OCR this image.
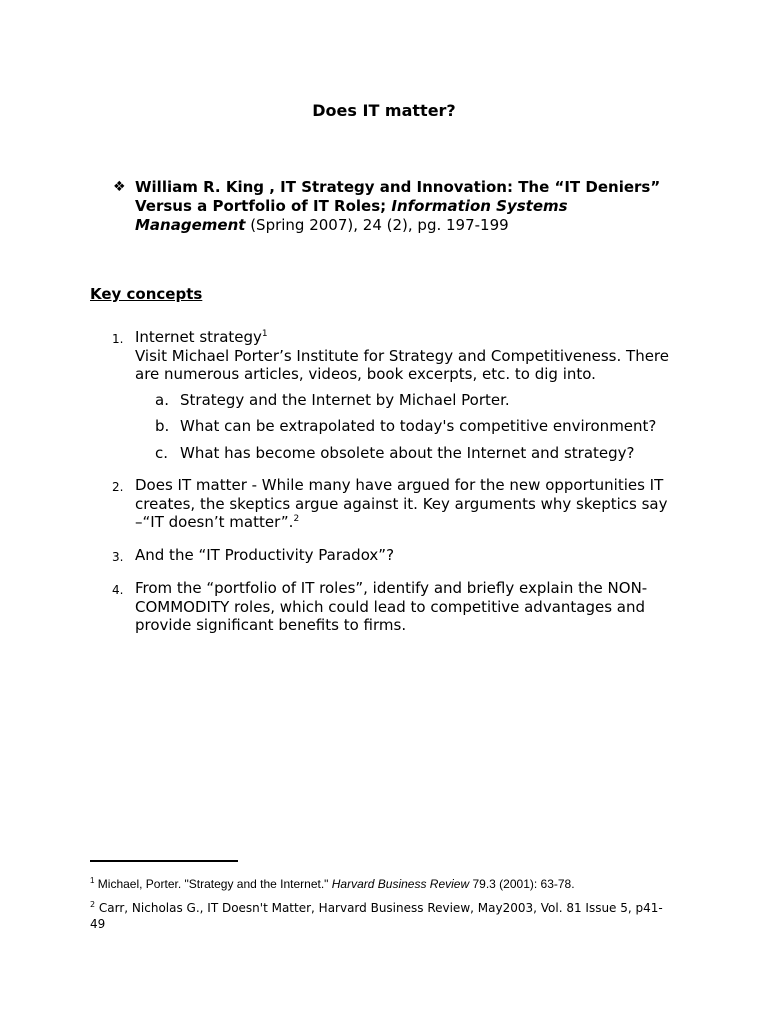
Does IT matter?
❖ William R. King , IT Strategy and Innovation: The “IT Deniers” Versus a Portfolio of IT Roles; Information Systems Management (Spring 2007), 24 (2), pg. 197-199
Key concepts
1. Internet strategy$^1$
Visit Michael Porter’s Institute for Strategy and Competitiveness. There are numerous articles, videos, book excerpts, etc. to dig into.
a. Strategy and the Internet by Michael Porter.
b. What can be extrapolated to today's competitive environment?
c. What has become obsolete about the Internet and strategy?
2. Does IT matter - While many have argued for the new opportunities IT creates, the skeptics argue against it. Key arguments why skeptics say –“IT doesn’t matter”.$^2$
3. And the “IT Productivity Paradox”?
4. From the “portfolio of IT roles”, identify and briefly explain the NON-COMMODITY roles, which could lead to competitive advantages and provide significant benefits to firms.
$^1$ Michael, Porter. "Strategy and the Internet." Harvard Business Review 79.3 (2001): 63-78.
$^2$ Carr, Nicholas G., IT Doesn't Matter, Harvard Business Review, May2003, Vol. 81 Issue 5, p41-49
